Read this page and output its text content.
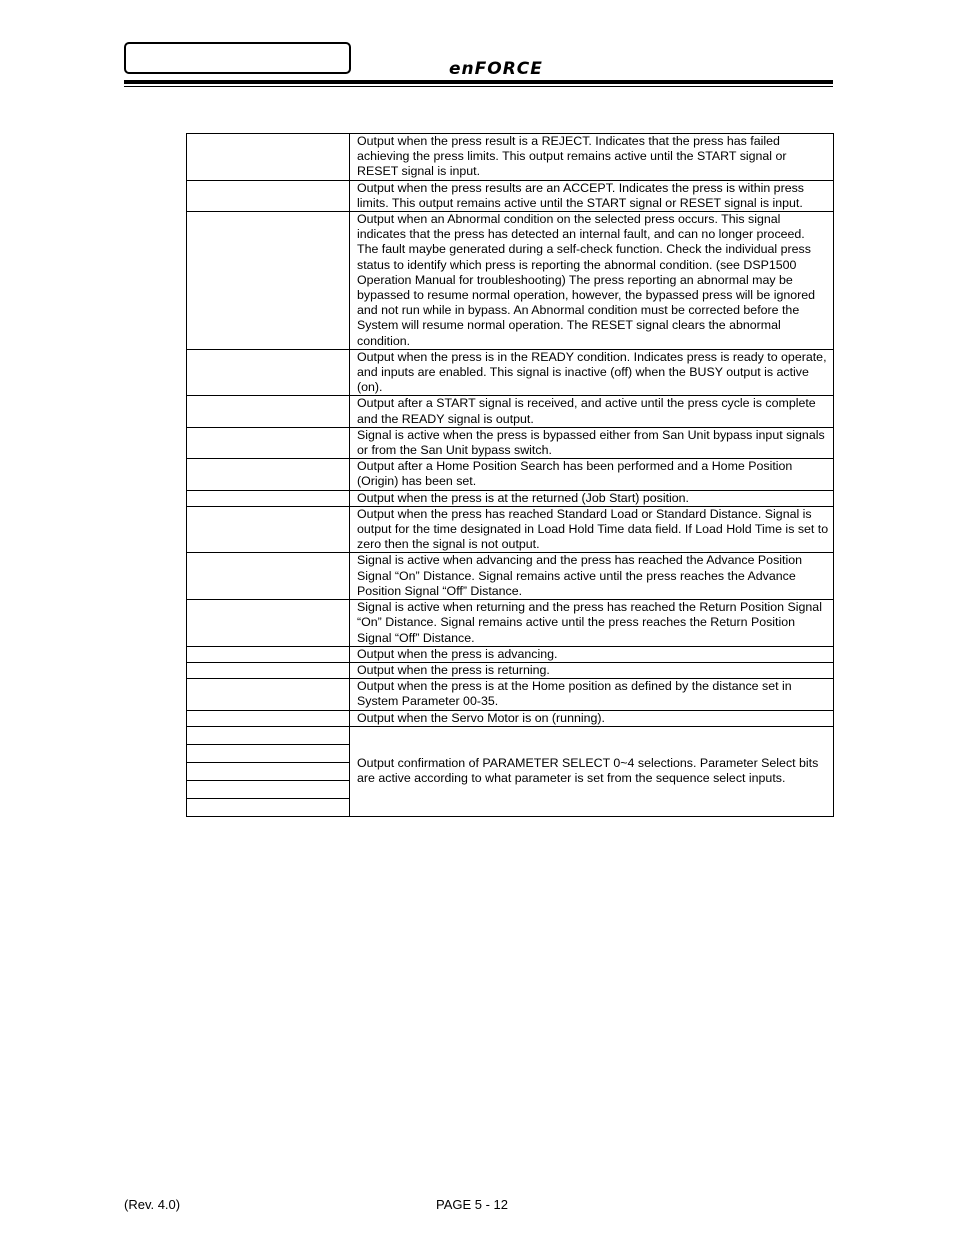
enFORCE
	Output when the press result is a REJECT. Indicates that the press has failed achieving the press limits. This output remains active until the START signal or RESET signal is input.
	Output when the press results are an ACCEPT. Indicates the press is within press limits. This output remains active until the START signal or RESET signal is input.
	Output when an Abnormal condition on the selected press occurs. This signal indicates that the press has detected an internal fault, and can no longer proceed. The fault maybe generated during a self-check function. Check the individual press status to identify which press is reporting the abnormal condition. (see DSP1500 Operation Manual for troubleshooting) The press reporting an abnormal may be bypassed to resume normal operation, however, the bypassed press will be ignored and not run while in bypass. An Abnormal condition must be corrected before the System will resume normal operation. The RESET signal clears the abnormal condition.
	Output when the press is in the READY condition. Indicates press is ready to operate, and inputs are enabled. This signal is inactive (off) when the BUSY output is active (on).
	Output after a START signal is received, and active until the press cycle is complete and the READY signal is output.
	Signal is active when the press is bypassed either from San Unit bypass input signals or from the San Unit bypass switch.
	Output after a Home Position Search has been performed and a Home Position (Origin) has been set.
	Output when the press is at the returned (Job Start) position.
	Output when the press has reached Standard Load or Standard Distance. Signal is output for the time designated in Load Hold Time data field. If Load Hold Time is set to zero then the signal is not output.
	Signal is active when advancing and the press has reached the Advance Position Signal “On” Distance. Signal remains active until the press reaches the Advance Position Signal “Off” Distance.
	Signal is active when returning and the press has reached the Return Position Signal “On” Distance. Signal remains active until the press reaches the Return Position Signal “Off” Distance.
	Output when the press is advancing.
	Output when the press is returning.
	Output when the press is at the Home position as defined by the distance set in System Parameter 00-35.
	Output when the Servo Motor is on (running).
	Output confirmation of PARAMETER SELECT 0~4 selections. Parameter Select bits are active according to what parameter is set from the sequence select inputs.

(Rev. 4.0)	PAGE 5 - 12
